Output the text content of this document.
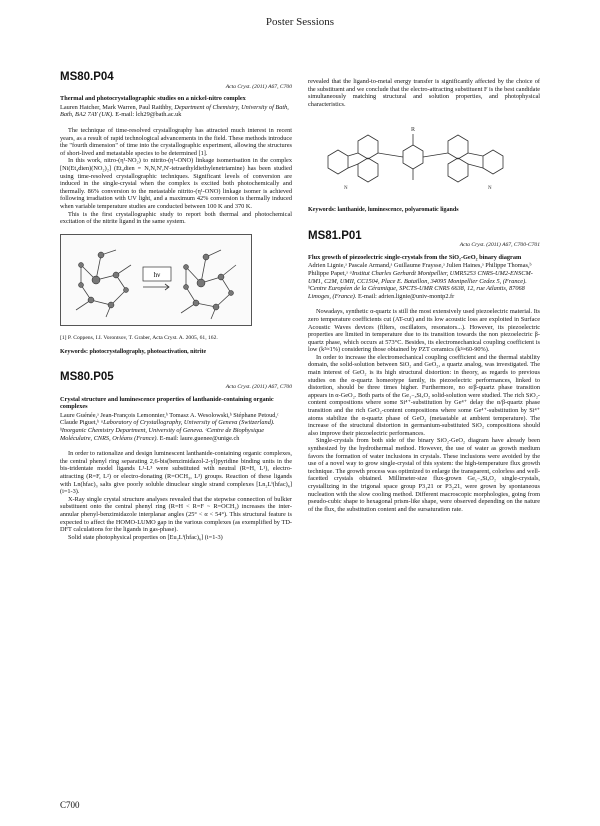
Poster Sessions
MS80.P04
Acta Cryst. (2011) A67, C700
Thermal and photocrystallographic studies on a nickel-nitro complex
Lauren Hatcher, Mark Warren, Paul Raithby, Department of Chemistry, University of Bath, Bath, BA2 7AY (UK). E-mail: lch29@bath.ac.uk

The technique of time-resolved crystallography has attracted much interest in recent years, as a result of rapid technological advancements in the field. These methods introduce the "fourth dimension" of time into the crystallographic experiment, allowing the structures of short-lived and metastable species to be determined [1].

In this work, nitro-(η¹-NO₂) to nitrito-(η¹-ONO) linkage isomerisation in the complex [Ni(Et₄dien)(NO₂)₂] (Et₄dien = N,N,N',N'-tetraethyldiethylenetriamine) has been studied using time-resolved crystallographic techniques. Significant levels of conversion are induced in the single-crystal when the complex is excited both photochemically and thermally. 86% conversion to the metastable nitrito-(η¹-ONO) linkage isomer is achieved following irradiation with UV light, and a maximum 42% conversion is thermally induced when variable temperature studies are conducted between 100 K and 370 K.

This is the first crystallographic study to report both thermal and photochemical excitation of the nitrite ligand in the same system.

hν
[1] P. Coppens, I.I. Vorontsov, T. Graber, Acta Cryst. A. 2005, 61, 162.
Keywords: photocrystallography, photoactivation, nitrite
MS80.P05
Acta Cryst. (2011) A67, C700
Crystal structure and luminescence properties of lanthanide-containing organic complexes
Laure Guénée,ᵃ Jean-François Lemonnier,ᵇ Tomasz A. Wesolowski,ᵇ Stéphane Petoud,ᶜ Claude Piguet,ᵇ ᵃLaboratory of Crystallography, University of Geneva (Switzerland). ᵇInorganic Chemistry Department, University of Geneva. ᶜCentre de Biophysique Moléculaire, CNRS, Orléans (France). E-mail: laure.guenee@unige.ch

In order to rationalize and design luminescent lanthanide-containing organic complexes, the central phenyl ring separating 2,6-bis(benzimidazol-2-yl)pyridine binding units in the bis-tridentate model ligands L¹-L³ were substituted with neutral (R=H, L¹), electro-attracting (R=F, L²) or electro-donating (R=OCH₃, L³) groups. Reaction of these ligands with Ln(hfac)₃ salts give poorly soluble dinuclear single strand complexes [Ln₂Lⁱ(hfac)₆] (i=1-3).

X-Ray single crystal structure analyses revealed that the stepwise connection of bulkier substituent onto the central phenyl ring (R=H < R=F ~ R=OCH₃) increases the inter-annular phenyl-benzimidazole interplanar angles (25° < α < 54°). This structural feature is expected to affect the HOMO-LUMO gap in the various complexes (as exemplified by TD-DFT calculations for the ligands in gas-phase).

Solid state photophysical properties on [Eu₂Lⁱ(hfac)₆] (i=1-3)

revealed that the ligand-to-metal energy transfer is significantly affected by the choice of the substituent and we conclude that the electro-attracting substituent F is the best candidate simultaneously matching structural and solution properties, and photophysical characteristics.

R
N	N
Keywords: lanthanide, luminescence, polyaromatic ligands
MS81.P01
Acta Cryst. (2011) A67, C700-C701
Flux growth of piezoelectric single-crystals from the SiO₂-GeO₂ binary diagram
Adrien Lignie,ᵃ Pascale Armand,ᵃ Guillaume Fraysse,ᵃ Julien Haines,ᵃ Philippe Thomas,ᵇ Philippe Papet,ᵃ ᵃInstitut Charles Gerhardt Montpellier, UMR5253 CNRS-UM2-ENSCM-UM1, C2M, UMII, CC1504, Place E. Bataillon, 34095 Montpellier Cedex 5, (France). ᵇCentre Européen de la Céramique, SPCTS-UMR CNRS 6638, 12, rue Atlantis, 87068 Limoges, (France). E-mail: adrien.lignie@univ-montp2.fr

Nowadays, synthetic α-quartz is still the most extensively used piezoelectric material. Its zero temperature coefficients cut (AT-cut) and its low acoustic loss are exploited in Surface Acoustic Waves devices (filters, oscillators, resonators...). However, its piezoelectric properties are limited in temperature due to its transition towards the non piezoelectric β-quartz phase, which occurs at 573°C. Besides, its electromechanical coupling coefficient is low (k²≈1%) considering those obtained by PZT ceramics (k²≈60-90%).

In order to increase the electromechanical coupling coefficient and the thermal stability domain, the solid-solution between SiO₂ and GeO₂, a quartz analog, was investigated. The main interest of GeO₂ is its high structural distortion: in theory, as regards to previous studies on the α-quartz homeotype family, its piezoelectric performances, linked to distortion, should be three times higher. Furthermore, no α/β-quartz phase transition appears in α-GeO₂. Both parts of the Ge₁₋ₓSiₓO₂ solid-solution were studied. The rich SiO₂-content compositions where some Si⁴⁺-substitution by Ge⁴⁺ delay the α/β-quartz phase transition and the rich GeO₂-content compositions where some Ge⁴⁺-substitution by Si⁴⁺ atoms stabilize the α-quartz phase of GeO₂ (metastable at ambient temperature). The increase of the structural distortion in germanium-substituted SiO₂ compositions should also improve their piezoelectric performances.

Single-crystals from both side of the binary SiO₂-GeO₂ diagram have already been synthesized by the hydrothermal method. However, the use of water as growth medium favors the formation of water inclusions in crystals. These inclusions were avoided by the use of a novel way to grow single-crystal of this system: the high-temperature flux growth technique. The growth process was optimized to enlarge the transparent, colorless and well-facetted crystals obtained. Millimeter-size flux-grown Ge₁₋ₓSiₓO₂ single-crystals, crystallizing in the trigonal space group P3₁21 or P3₂21, were grown by spontaneous nucleation with the slow cooling method. Different macroscopic morphologies, going from pseudo-cubic shape to hexagonal prism-like shape, were observed depending on the nature of the flux, the substitution content and the sursaturation rate.

C700
